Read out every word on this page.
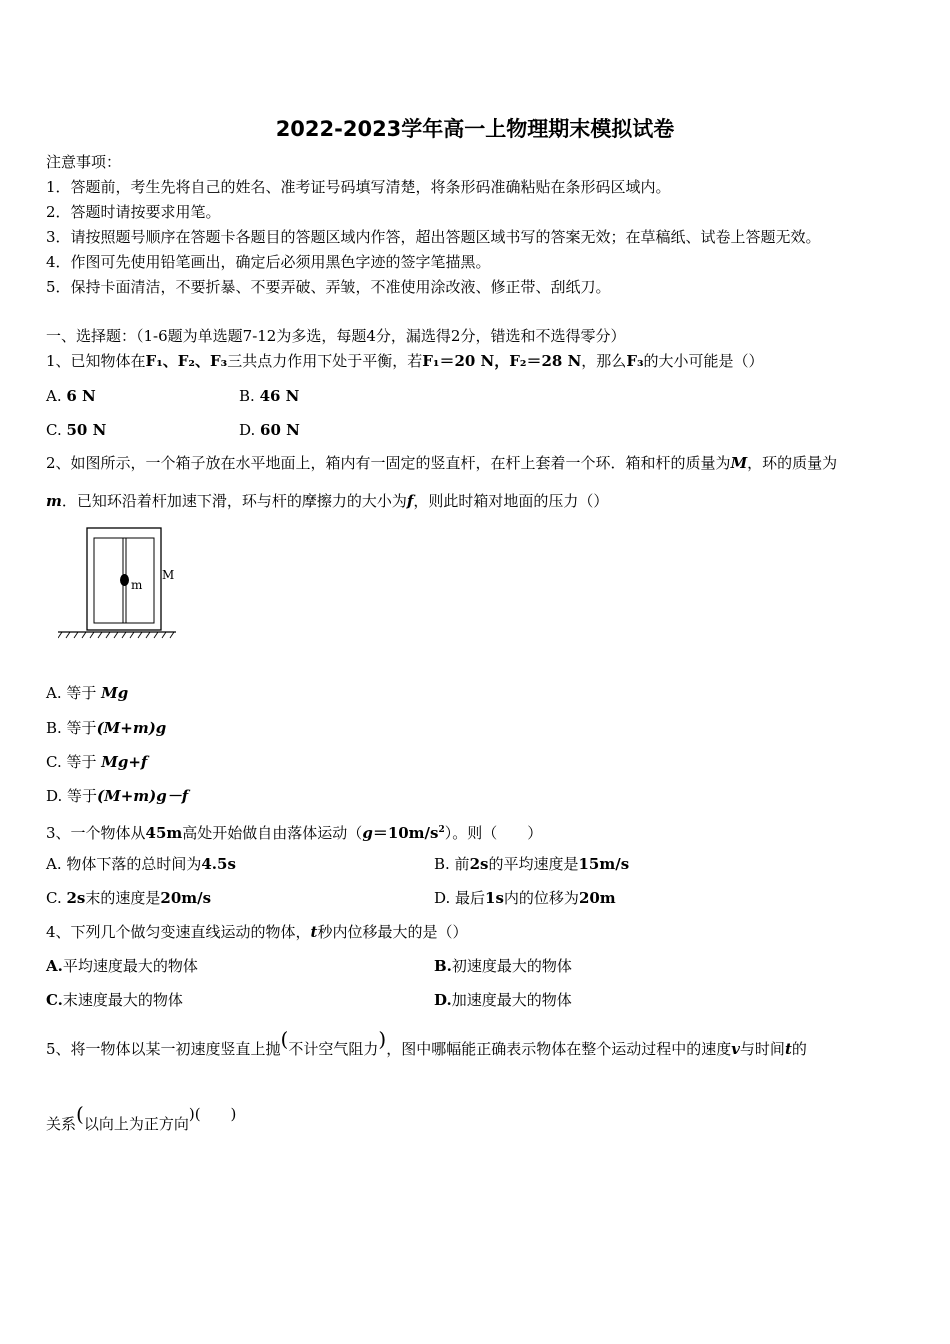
2022-2023学年高一上物理期末模拟试卷
注意事项：
1．答题前，考生先将自己的姓名、准考证号码填写清楚，将条形码准确粘贴在条形码区域内。
2．答题时请按要求用笔。
3．请按照题号顺序在答题卡各题目的答题区域内作答，超出答题区域书写的答案无效；在草稿纸、试卷上答题无效。
4．作图可先使用铅笔画出，确定后必须用黑色字迹的签字笔描黑。
5．保持卡面清洁，不要折暴、不要弄破、弄皱，不准使用涂改液、修正带、刮纸刀。
一、选择题：（1-6题为单选题7-12为多选，每题4分，漏选得2分，错选和不选得零分）
1、已知物体在F₁、F₂、F₃三共点力作用下处于平衡，若F₁＝20 N，F₂＝28 N，那么F₃的大小可能是（）
A. 6 N	B. 46 N
C. 50 N	D. 60 N
2、如图所示，一个箱子放在水平地面上，箱内有一固定的竖直杆，在杆上套着一个环．箱和杆的质量为M，环的质量为
m．已知环沿着杆加速下滑，环与杆的摩擦力的大小为f，则此时箱对地面的压力（）
m
M
A. 等于 Mg
B. 等于(M+m)g
C. 等于 Mg+f
D. 等于(M+m)g－f
3、一个物体从45m高处开始做自由落体运动$(g=10m/s^2)$。则（　　）
A. 物体下落的总时间为4.5s	B. 前2s的平均速度是15m/s
C. 2s末的速度是20m/s	D. 最后1s内的位移为20m
4、下列几个做匀变速直线运动的物体，t秒内位移最大的是（）
A.平均速度最大的物体	B.初速度最大的物体
C.末速度最大的物体	D.加速度最大的物体
5、将一物体以某一初速度竖直上抛(不计空气阻力)，图中哪幅能正确表示物体在整个运动过程中的速度v与时间t的
关系(以向上为正方向)(　　)
